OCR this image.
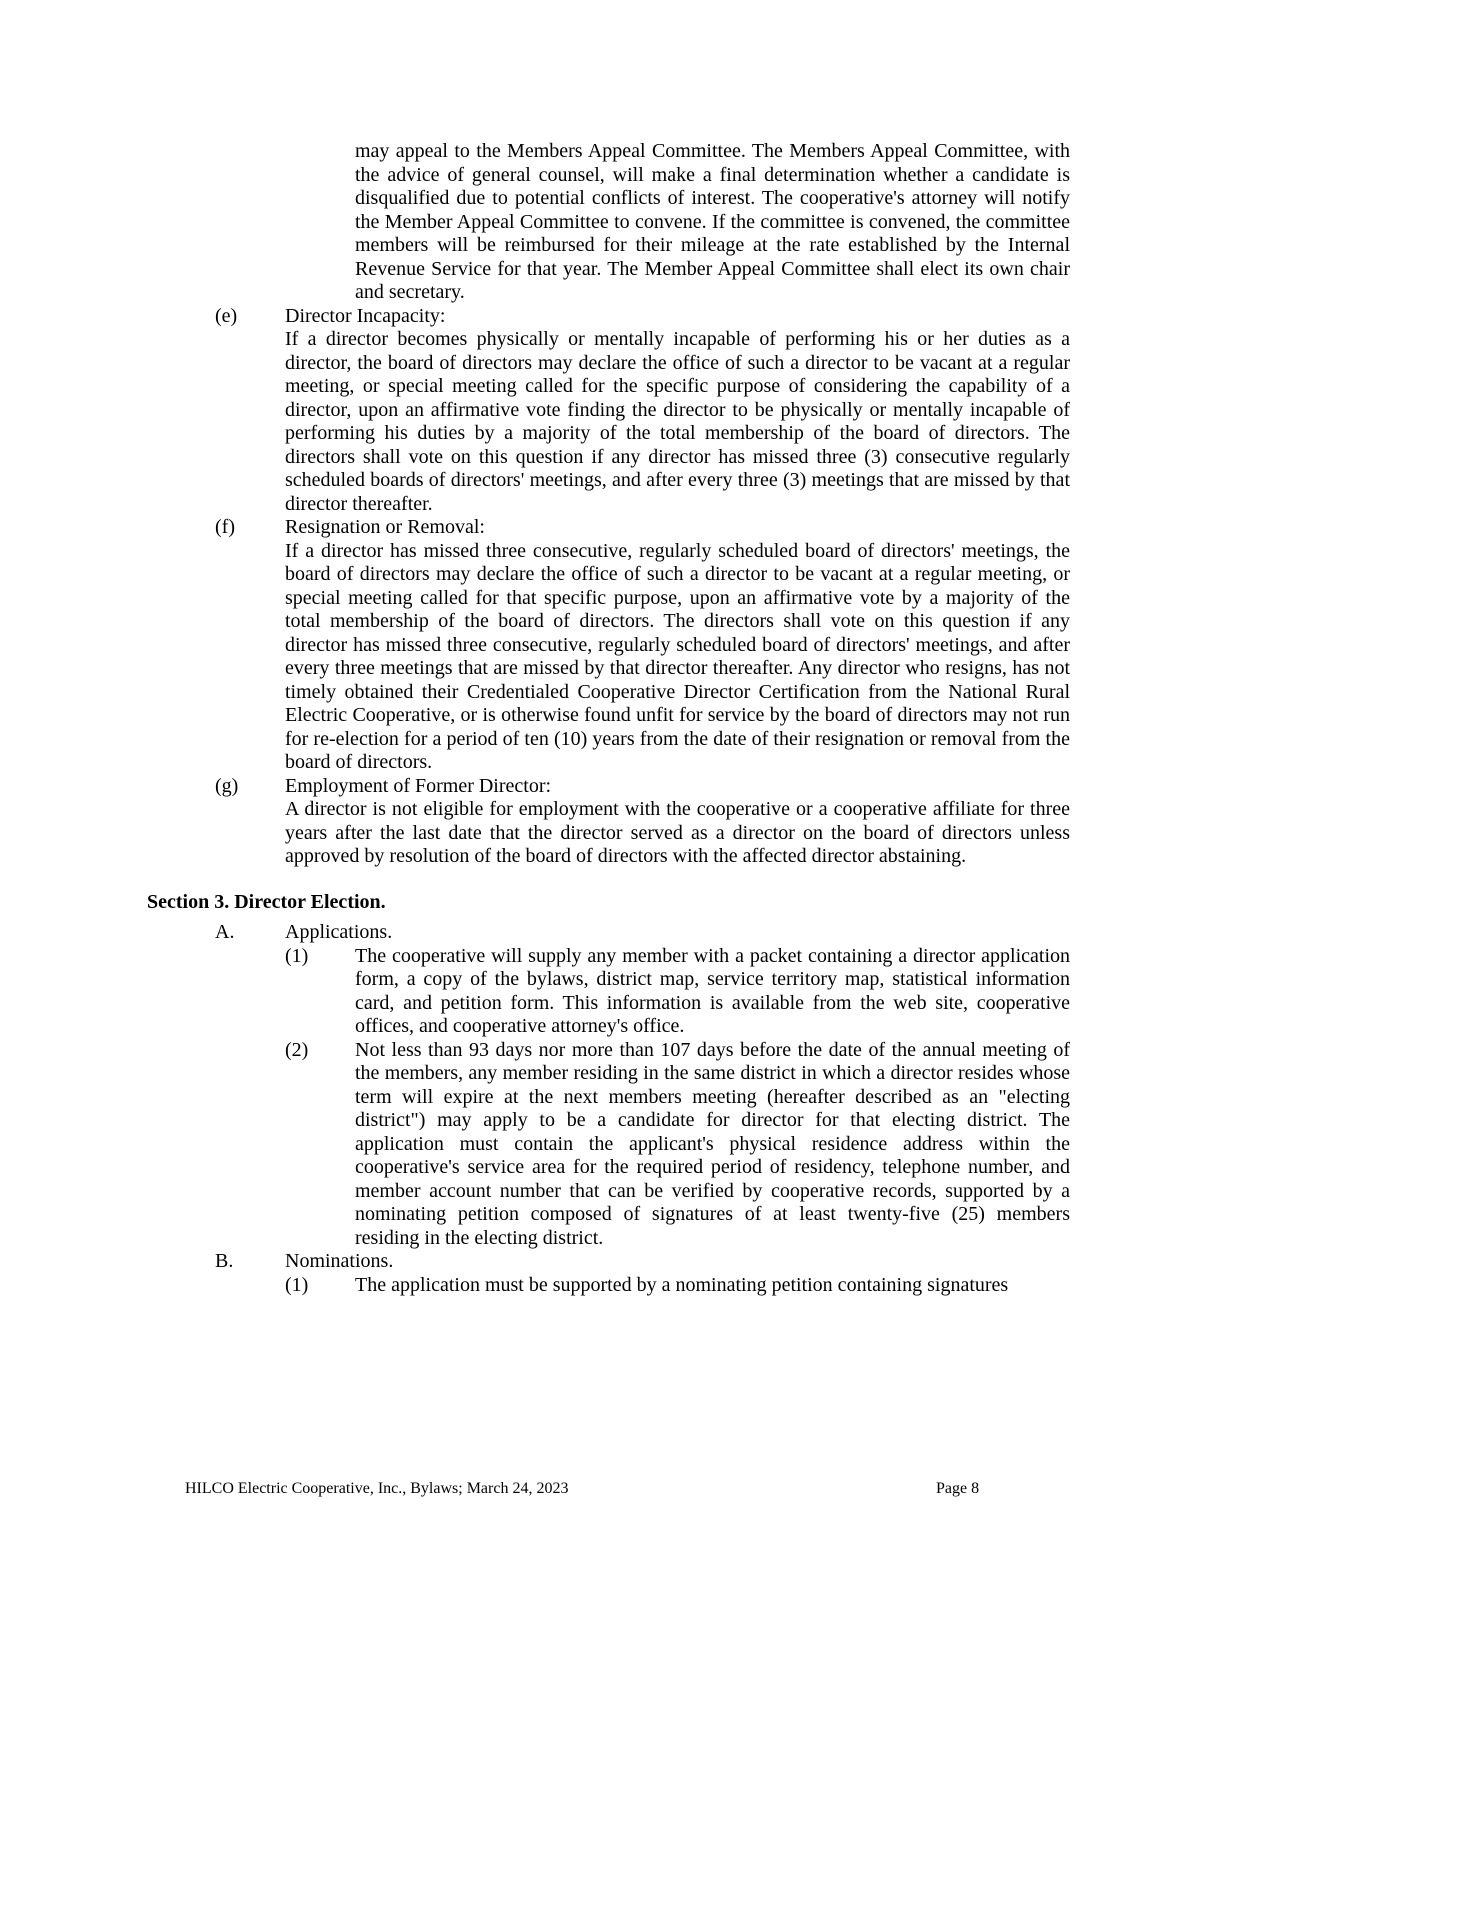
may appeal to the Members Appeal Committee. The Members Appeal Committee, with the advice of general counsel, will make a final determination whether a candidate is disqualified due to potential conflicts of interest. The cooperative's attorney will notify the Member Appeal Committee to convene. If the committee is convened, the committee members will be reimbursed for their mileage at the rate established by the Internal Revenue Service for that year. The Member Appeal Committee shall elect its own chair and secretary.

(e) Director Incapacity:

If a director becomes physically or mentally incapable of performing his or her duties as a director, the board of directors may declare the office of such a director to be vacant at a regular meeting, or special meeting called for the specific purpose of considering the capability of a director, upon an affirmative vote finding the director to be physically or mentally incapable of performing his duties by a majority of the total membership of the board of directors. The directors shall vote on this question if any director has missed three (3) consecutive regularly scheduled boards of directors' meetings, and after every three (3) meetings that are missed by that director thereafter.

(f)	Resignation or Removal:

If a director has missed three consecutive, regularly scheduled board of directors' meetings, the board of directors may declare the office of such a director to be vacant at a regular meeting, or special meeting called for that specific purpose, upon an affirmative vote by a majority of the total membership of the board of directors. The directors shall vote on this question if any director has missed three consecutive, regularly scheduled board of directors' meetings, and after every three meetings that are missed by that director thereafter. Any director who resigns, has not timely obtained their Credentialed Cooperative Director Certification from the National Rural Electric Cooperative, or is otherwise found unfit for service by the board of directors may not run for re-election for a period of ten (10) years from the date of their resignation or removal from the board of directors.

(g) Employment of Former Director:

A director is not eligible for employment with the cooperative or a cooperative affiliate for three years after the last date that the director served as a director on the board of directors unless approved by resolution of the board of directors with the affected director abstaining.

Section 3. Director Election.

A.	Applications.

(1) The cooperative will supply any member with a packet containing a director application form, a copy of the bylaws, district map, service territory map, statistical information card, and petition form. This information is available from the web site, cooperative offices, and cooperative attorney's office.

(2) Not less than 93 days nor more than 107 days before the date of the annual meeting of the members, any member residing in the same district in which a director resides whose term will expire at the next members meeting (hereafter described as an "electing district") may apply to be a candidate for director for that electing district. The application must contain the applicant's physical residence address within the cooperative's service area for the required period of residency, telephone number, and member account number that can be verified by cooperative records, supported by a nominating petition composed of signatures of at least twenty-five (25) members residing in the electing district.

B.	Nominations.

(1) The application must be supported by a nominating petition containing signatures

HILCO Electric Cooperative, Inc., Bylaws; March 24, 2023	Page 8
